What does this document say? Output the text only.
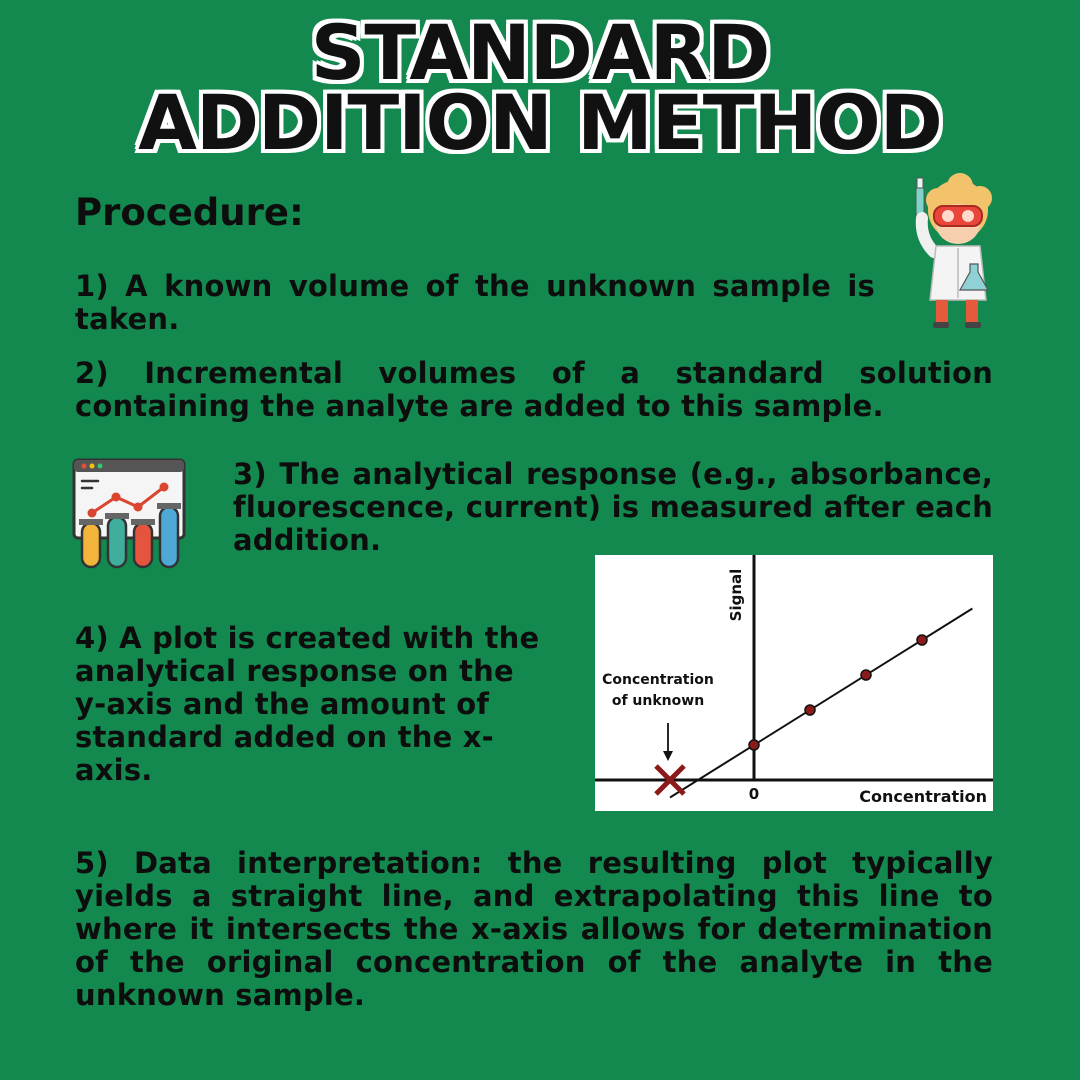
STANDARD
ADDITION METHOD
Procedure:

1) A known volume of the unknown sample is taken.

2) Incremental volumes of a standard solution containing the analyte are added to this sample.

3) The analytical response (e.g., absorbance, fluorescence, current) is measured after each addition.

Signal
Concentration
0
Concentration
of unknown

4) A plot is created with the analytical response on the y-axis and the amount of standard added on the x-axis.

5) Data interpretation: the resulting plot typically yields a straight line, and extrapolating this line to where it intersects the x-axis allows for determination of the original concentration of the analyte in the unknown sample.
